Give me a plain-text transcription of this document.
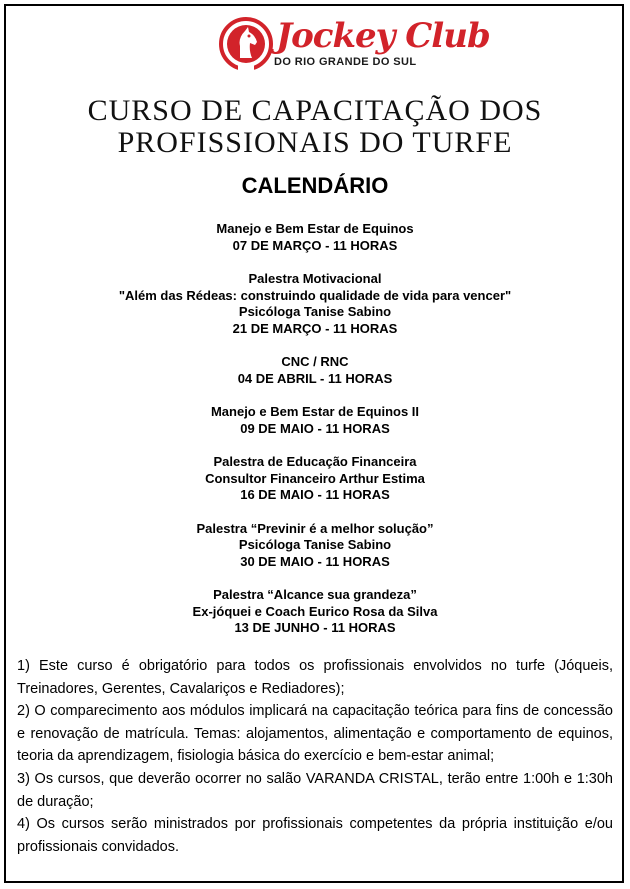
Jockey Club
DO RIO GRANDE DO SUL
CURSO DE CAPACITAÇÃO DOS
PROFISSIONAIS DO TURFE
CALENDÁRIO
Manejo e Bem Estar de Equinos
07 DE MARÇO - 11 HORAS
Palestra Motivacional
"Além das Rédeas: construindo qualidade de vida para vencer"
Psicóloga Tanise Sabino
21 DE MARÇO - 11 HORAS
CNC / RNC
04 DE ABRIL - 11 HORAS
Manejo e Bem Estar de Equinos II
09 DE MAIO - 11 HORAS
Palestra de Educação Financeira
Consultor Financeiro Arthur Estima
16 DE MAIO - 11 HORAS
Palestra “Previnir é a melhor solução”
Psicóloga Tanise Sabino
30 DE MAIO - 11 HORAS
Palestra “Alcance sua grandeza”
Ex-jóquei e Coach Eurico Rosa da Silva
13 DE JUNHO - 11 HORAS

1) Este curso é obrigatório para todos os profissionais envolvidos no turfe (Jóqueis, Treinadores, Gerentes, Cavalariços e Rediadores);

2) O comparecimento aos módulos implicará na capacitação teórica para fins de concessão e renovação de matrícula. Temas: alojamentos, alimentação e comportamento de equinos, teoria da aprendizagem, fisiologia básica do exercício e bem-estar animal;

3) Os cursos, que deverão ocorrer no salão VARANDA CRISTAL, terão entre 1:00h e 1:30h de duração;

4) Os cursos serão ministrados por profissionais competentes da própria instituição e/ou profissionais convidados.
